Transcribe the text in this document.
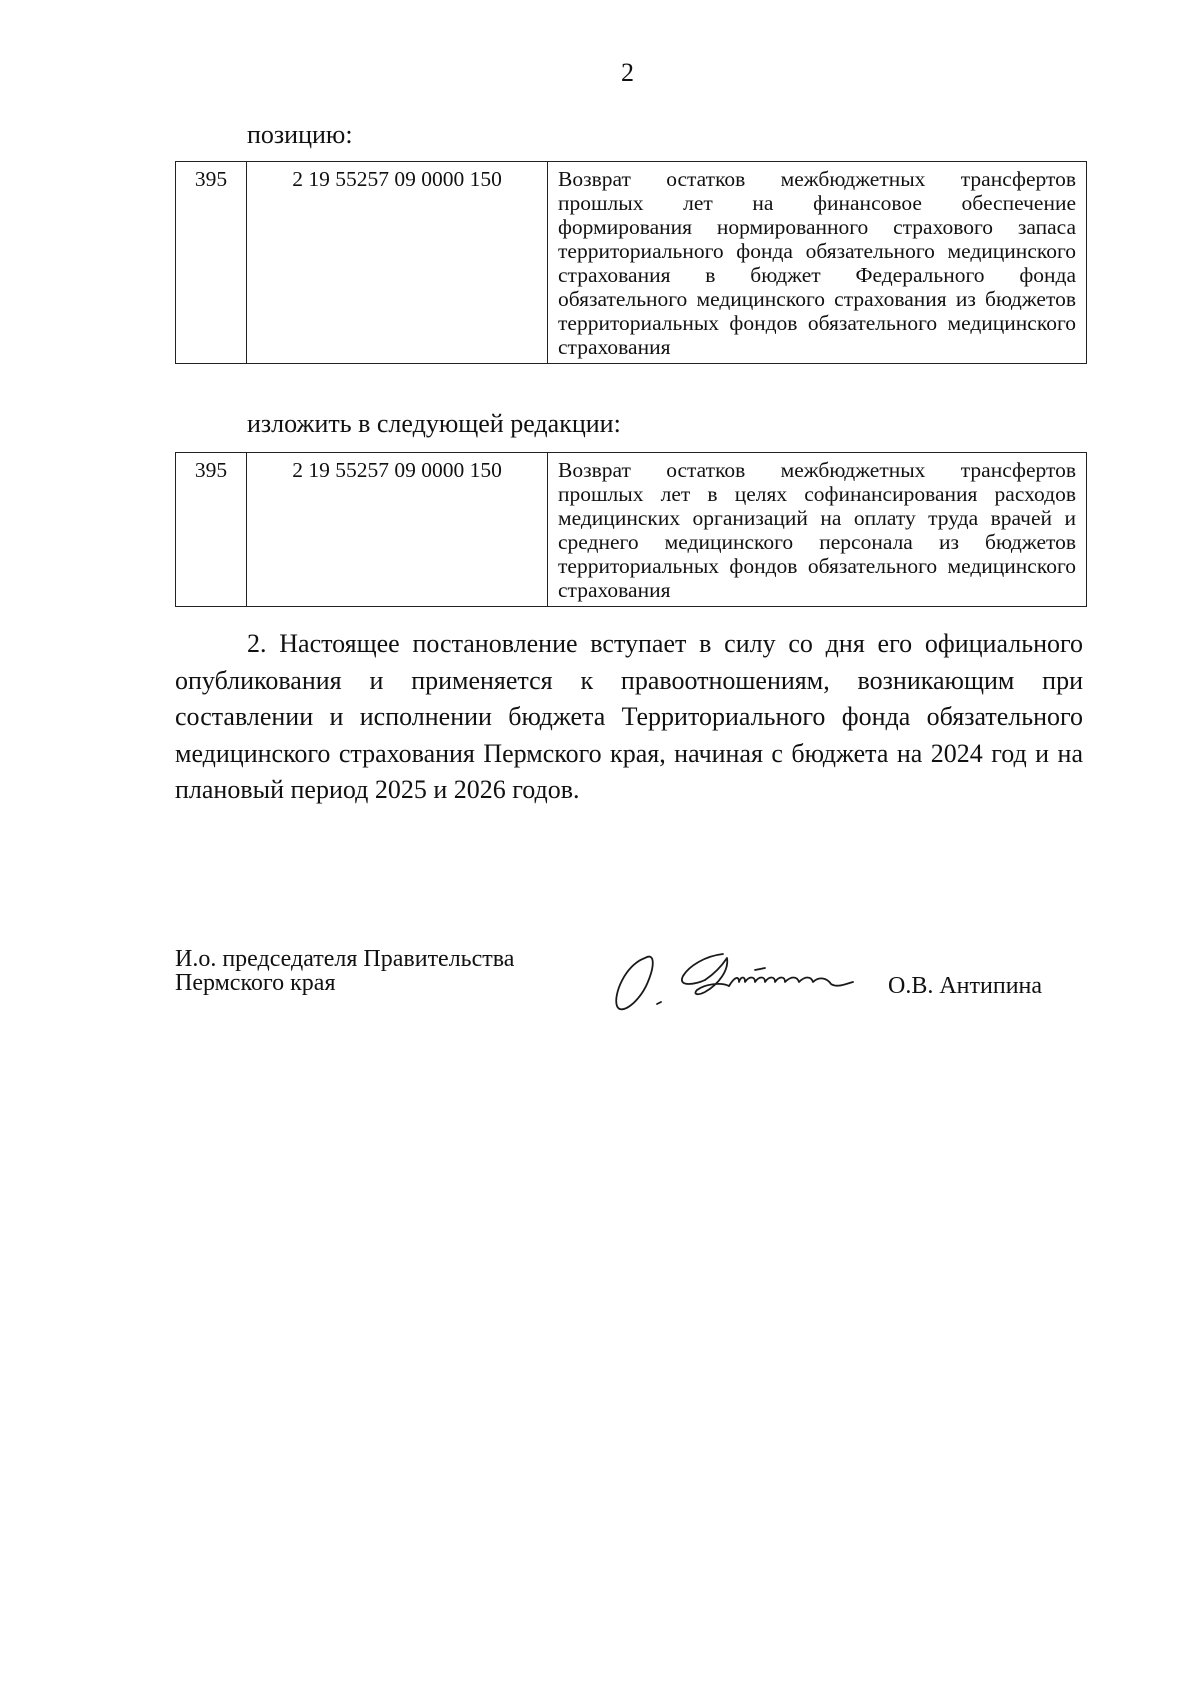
2
позицию:
395	2 19 55257 09 0000 150	Возврат остатков межбюджетных трансфертов прошлых лет на финансовое обеспечение формирования нормированного страхового запаса территориального фонда обязательного медицинского страхования в бюджет Федерального фонда обязательного медицинского страхования из бюджетов территориальных фондов обязательного медицинского страхования
изложить в следующей редакции:
395	2 19 55257 09 0000 150	Возврат остатков межбюджетных трансфертов прошлых лет в целях софинансирования расходов медицинских организаций на оплату труда врачей и среднего медицинского персонала из бюджетов территориальных фондов обязательного медицинского страхования
2. Настоящее постановление вступает в силу со дня его официального опубликования и применяется к правоотношениям, возникающим при составлении и исполнении бюджета Территориального фонда обязательного медицинского страхования Пермского края, начиная с бюджета на 2024 год и на плановый период 2025 и 2026 годов.
И.о. председателя Правительства
Пермского края	О.В. Антипина
